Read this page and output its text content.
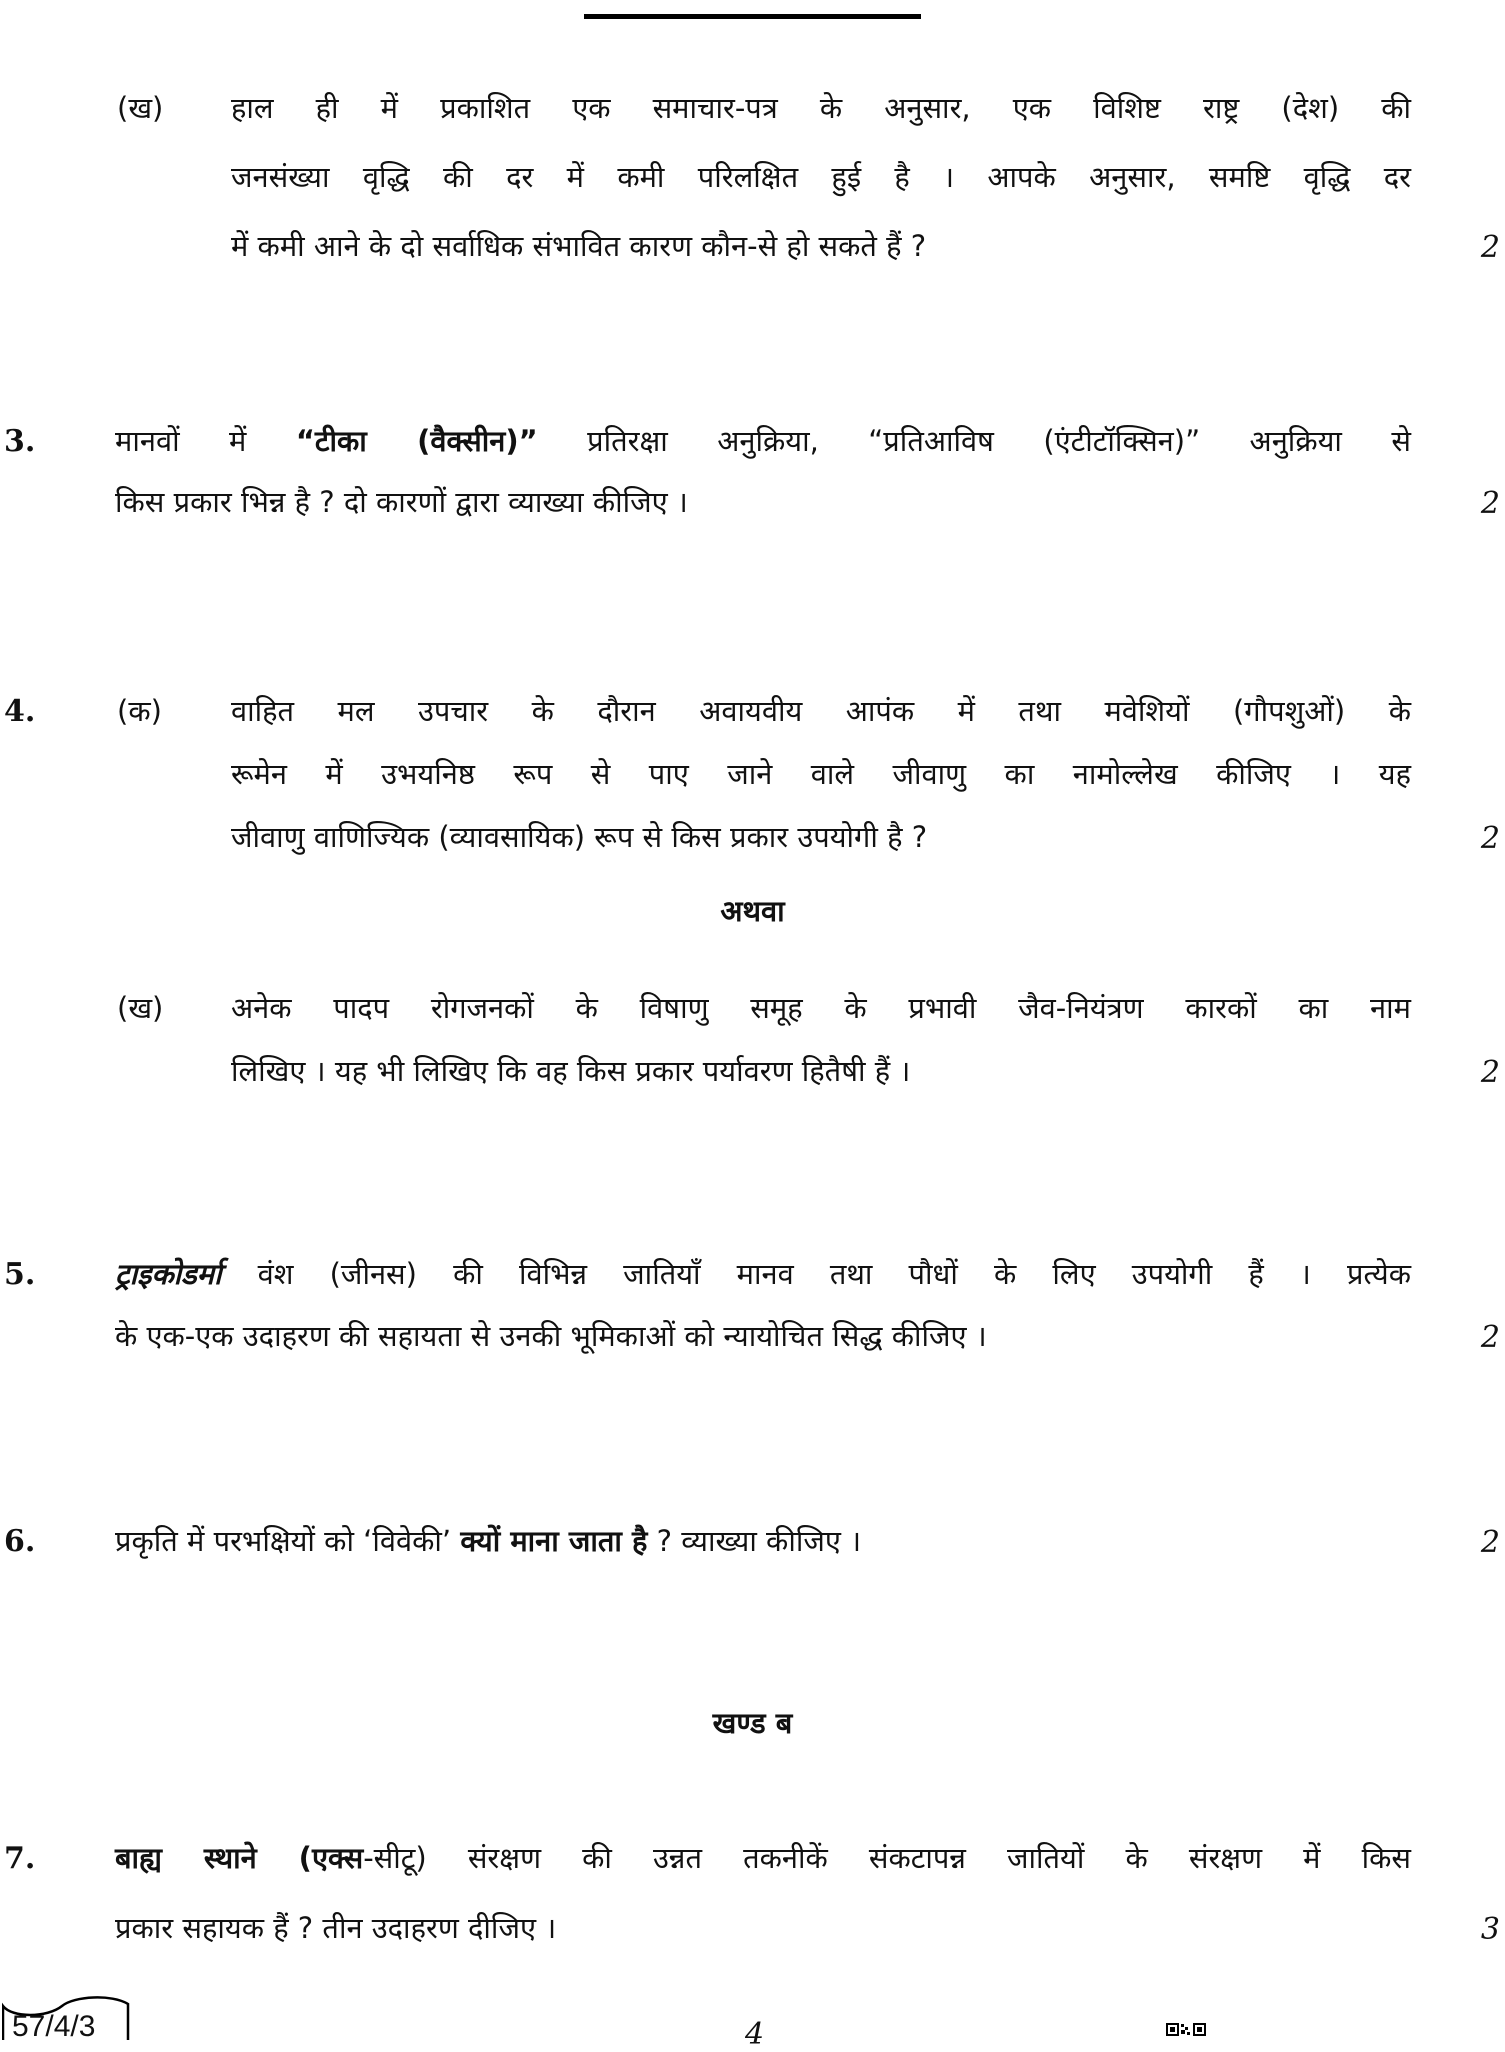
(ख) हाल ही में प्रकाशित एक समाचार-पत्र के अनुसार, एक विशिष्ट राष्ट्र (देश) की
जनसंख्या वृद्धि की दर में कमी परिलक्षित हुई है । आपके अनुसार, समष्टि वृद्धि दर
में कमी आने के दो सर्वाधिक संभावित कारण कौन-से हो सकते हैं ?	2
3.	मानवों में “टीका (वैक्सीन)” प्रतिरक्षा अनुक्रिया, “प्रतिआविष (एंटीटॉक्सिन)” अनुक्रिया से
किस प्रकार भिन्न है ? दो कारणों द्वारा व्याख्या कीजिए ।	2
4.	(क) वाहित मल उपचार के दौरान अवायवीय आपंक में तथा मवेशियों (गौपशुओं) के
रूमेन में उभयनिष्ठ रूप से पाए जाने वाले जीवाणु का नामोल्लेख कीजिए । यह
जीवाणु वाणिज्यिक (व्यावसायिक) रूप से किस प्रकार उपयोगी है ?	2
अथवा
(ख) अनेक पादप रोगजनकों के विषाणु समूह के प्रभावी जैव-नियंत्रण कारकों का नाम
लिखिए । यह भी लिखिए कि वह किस प्रकार पर्यावरण हितैषी हैं ।	2
5.	ट्राइकोडर्मा वंश (जीनस) की विभिन्न जातियाँ मानव तथा पौधों के लिए उपयोगी हैं । प्रत्येक
के एक-एक उदाहरण की सहायता से उनकी भूमिकाओं को न्यायोचित सिद्ध कीजिए ।	2
6.	प्रकृति में परभक्षियों को ‘विवेकी’ क्यों माना जाता है ? व्याख्या कीजिए ।	2
खण्ड ब
7.	बाह्य स्थाने (एक्स-सीटू) संरक्षण की उन्नत तकनीकें संकटापन्न जातियों के संरक्षण में किस
प्रकार सहायक हैं ? तीन उदाहरण दीजिए ।	3
57/4/3	4
